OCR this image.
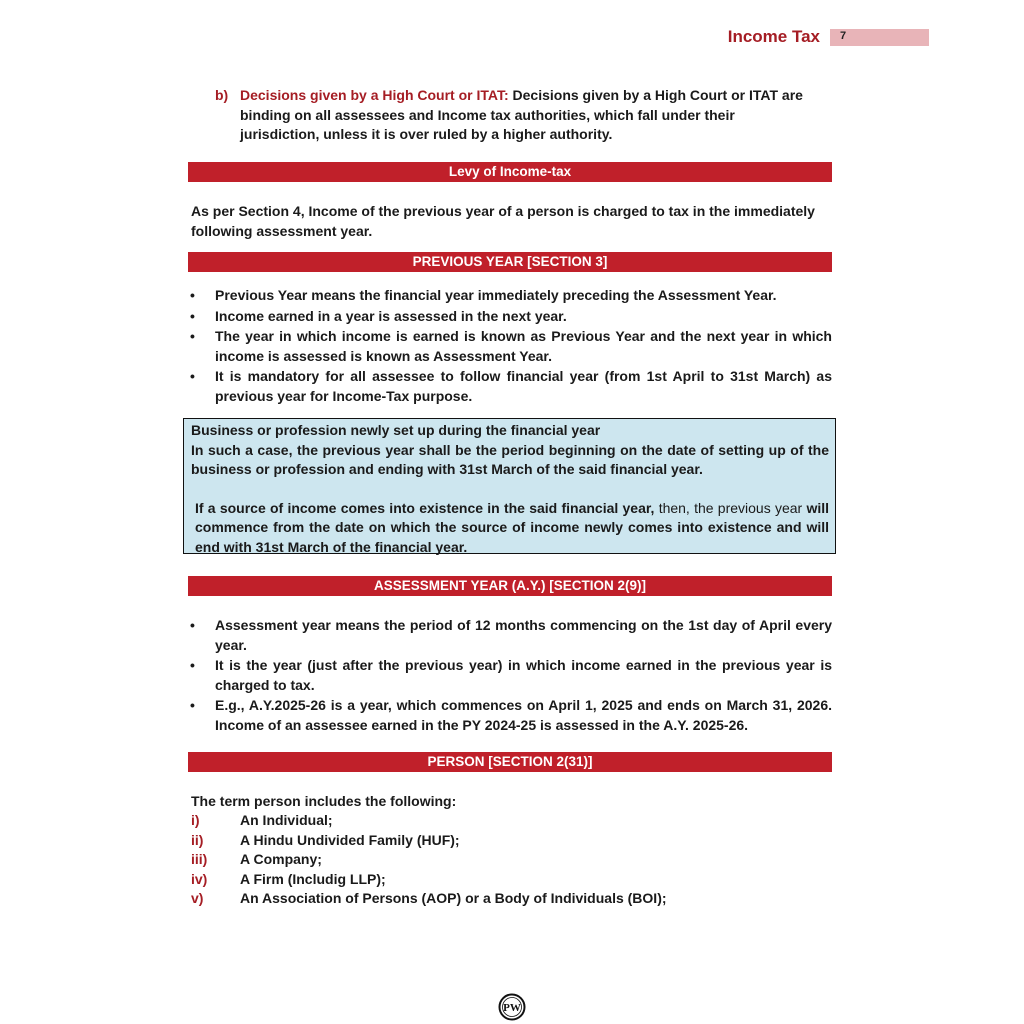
Income Tax 7
b) Decisions given by a High Court or ITAT: Decisions given by a High Court or ITAT are
binding on all assessees and Income tax authorities, which fall under their
jurisdiction, unless it is over ruled by a higher authority.
Levy of Income-tax
As per Section 4, Income of the previous year of a person is charged to tax in the immediately
following assessment year.
PREVIOUS YEAR [SECTION 3]
• Previous Year means the financial year immediately preceding the Assessment Year.
• Income earned in a year is assessed in the next year.
• The year in which income is earned is known as Previous Year and the next year in which income is assessed is known as Assessment Year.
• It is mandatory for all assessee to follow financial year (from 1st April to 31st March) as previous year for Income-Tax purpose.

Business or profession newly set up during the financial year

In such a case, the previous year shall be the period beginning on the date of setting up of the business or profession and ending with 31st March of the said financial year.

If a source of income comes into existence in the said financial year, then, the previous year will commence from the date on which the source of income newly comes into existence and will end with 31st March of the financial year.

ASSESSMENT YEAR (A.Y.) [SECTION 2(9)]
• Assessment year means the period of 12 months commencing on the 1st day of April every year.
• It is the year (just after the previous year) in which income earned in the previous year is charged to tax.
• E.g., A.Y.2025-26 is a year, which commences on April 1, 2025 and ends on March 31, 2026. Income of an assessee earned in the PY 2024-25 is assessed in the A.Y. 2025-26.
PERSON [SECTION 2(31)]
The term person includes the following:
i)	An Individual;
ii)	A Hindu Undivided Family (HUF);
iii) A Company;
iv) A Firm (Includig LLP);
v)	An Association of Persons (AOP) or a Body of Individuals (BOI);
PW
